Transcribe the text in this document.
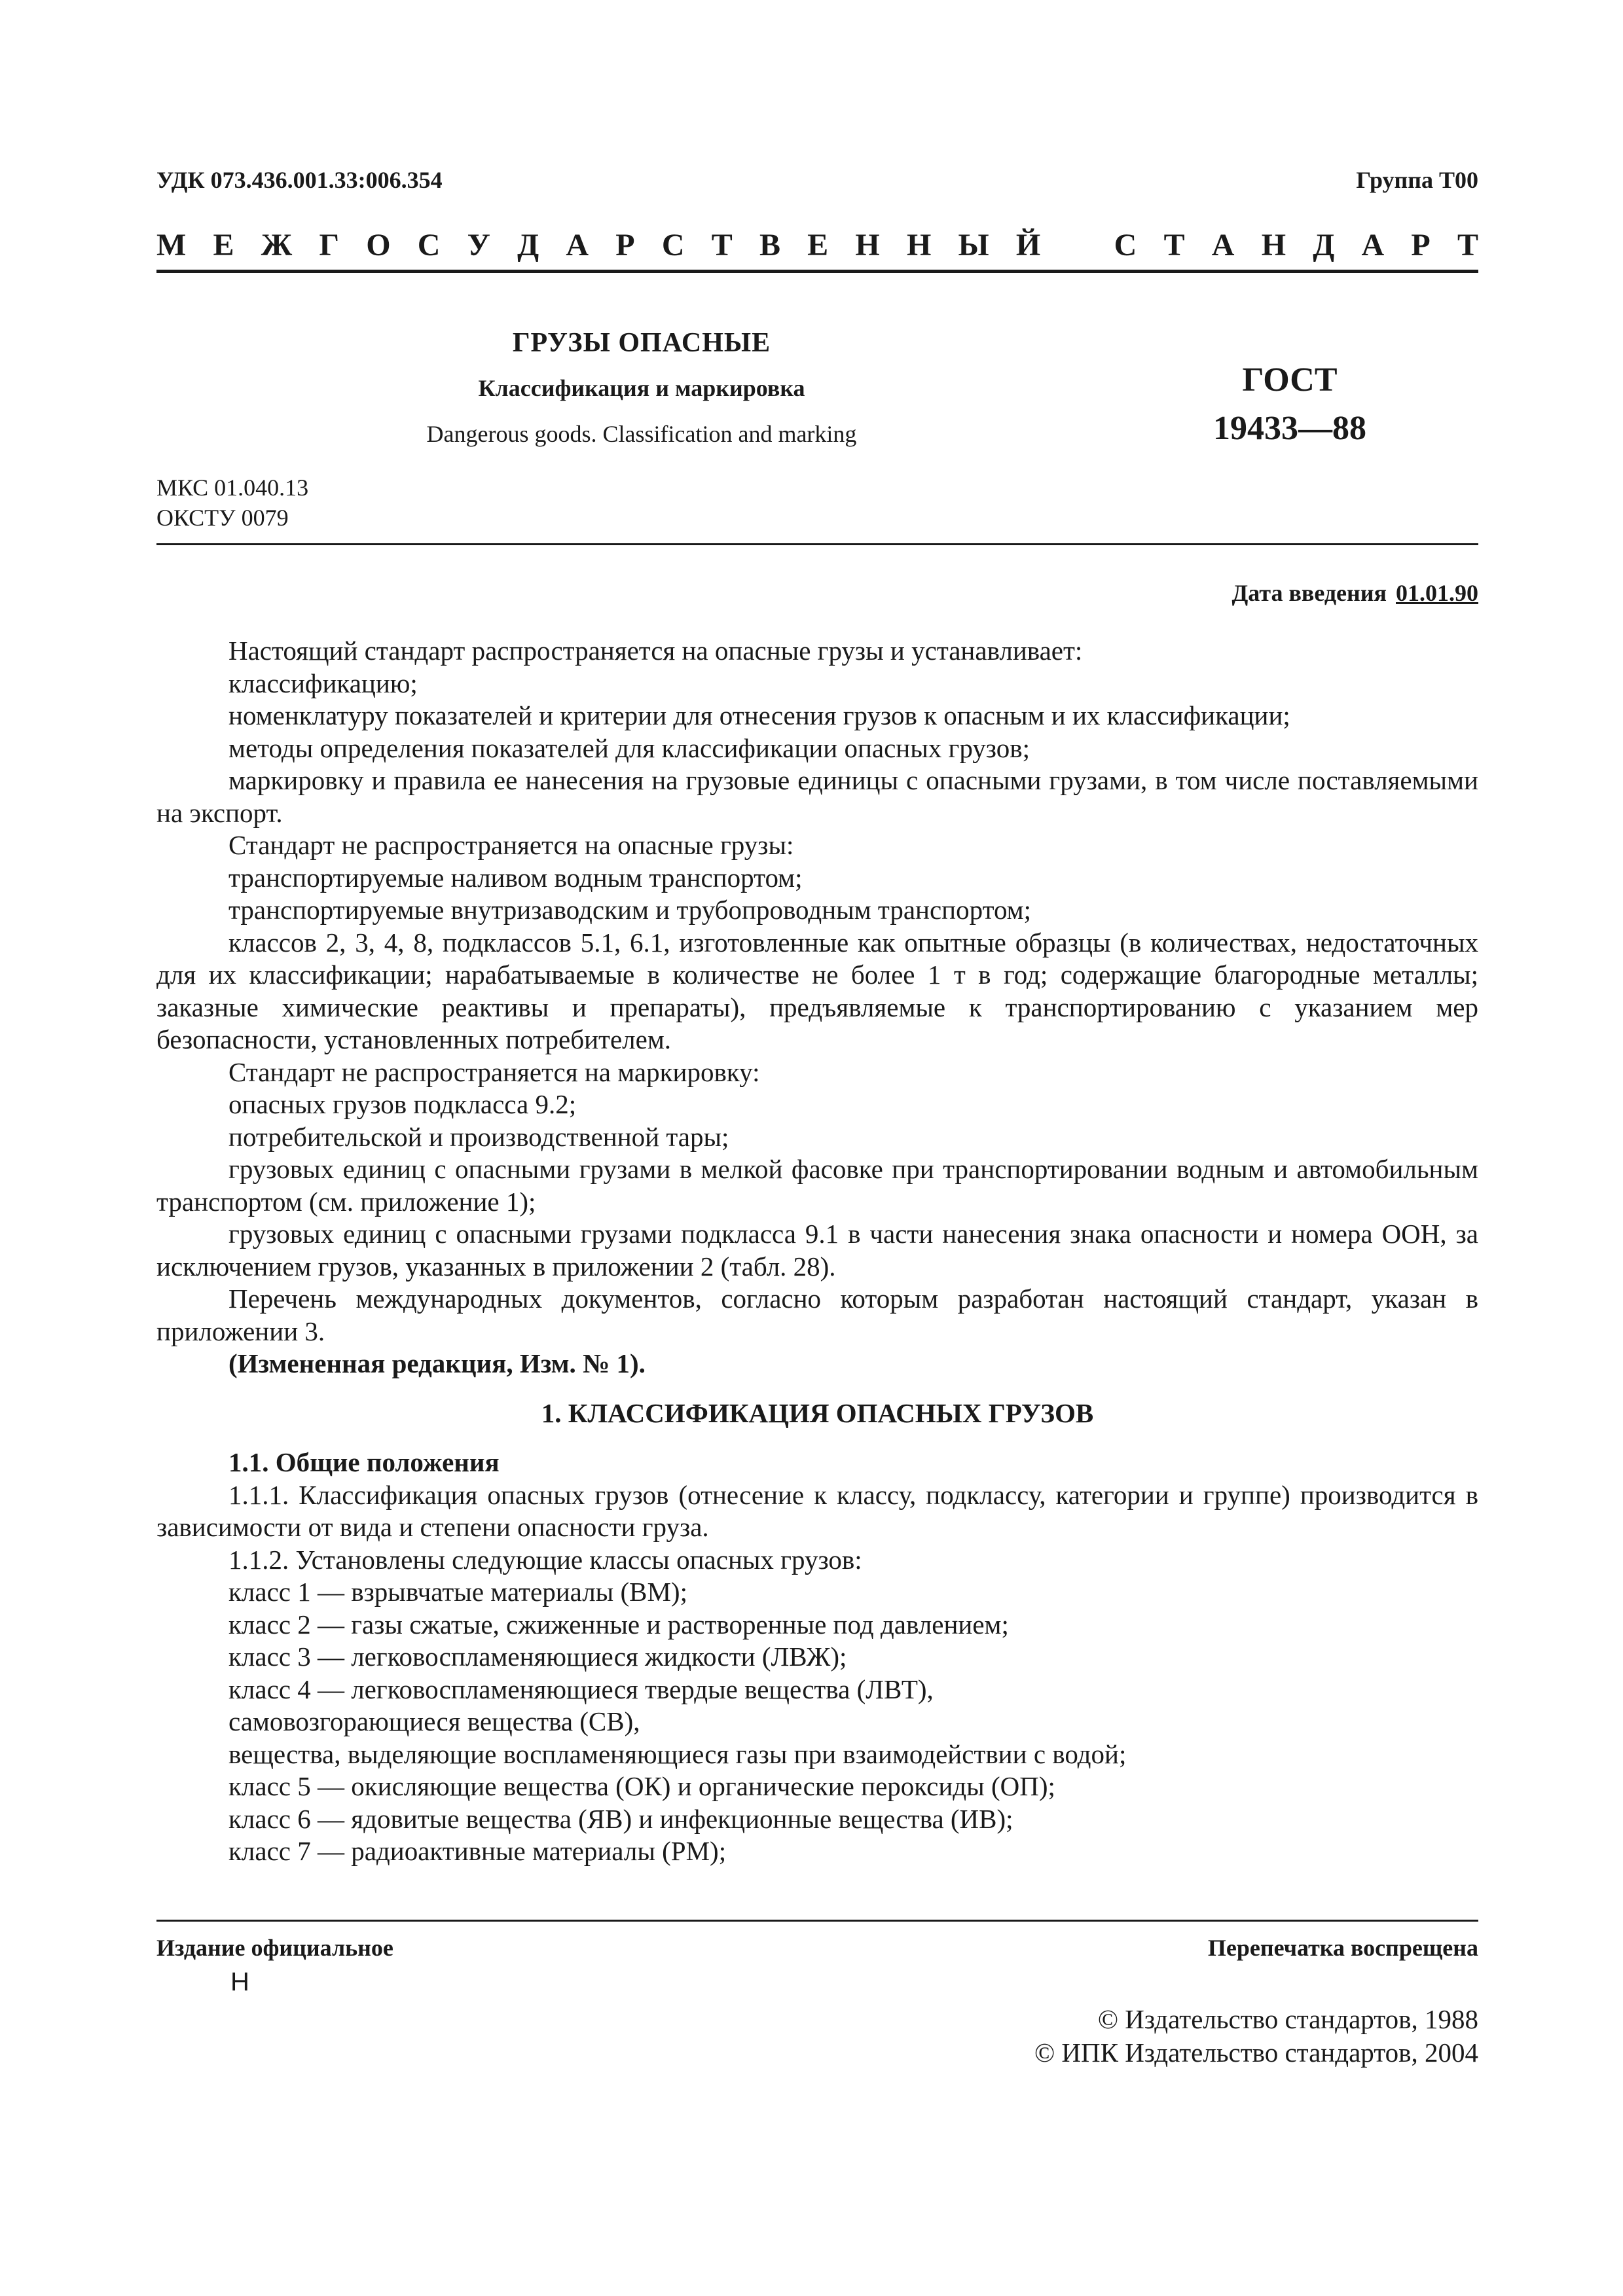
УДК 073.436.001.33:006.354	Группа Т00
М Е Ж Г О С У Д А Р С Т В Е Н Н Ы Й С Т А Н Д А Р Т
ГРУЗЫ ОПАСНЫЕ
Классификация и маркировка
Dangerous goods. Classification and marking
ГОСТ
19433—88
МКС 01.040.13
ОКСТУ 0079
Дата введения 01.01.90
Настоящий стандарт распространяется на опасные грузы и устанавливает:
классификацию;
номенклатуру показателей и критерии для отнесения грузов к опасным и их классификации;
методы определения показателей для классификации опасных грузов;
маркировку и правила ее нанесения на грузовые единицы с опасными грузами, в том числе поставляемыми на экспорт.
Стандарт не распространяется на опасные грузы:
транспортируемые наливом водным транспортом;
транспортируемые внутризаводским и трубопроводным транспортом;
классов 2, 3, 4, 8, подклассов 5.1, 6.1, изготовленные как опытные образцы (в количествах, недостаточных для их классификации; нарабатываемые в количестве не более 1 т в год; содержащие благородные металлы; заказные химические реактивы и препараты), предъявляемые к транспортированию с указанием мер безопасности, установленных потребителем.
Стандарт не распространяется на маркировку:
опасных грузов подкласса 9.2;
потребительской и производственной тары;
грузовых единиц с опасными грузами в мелкой фасовке при транспортировании водным и автомобильным транспортом (см. приложение 1);
грузовых единиц с опасными грузами подкласса 9.1 в части нанесения знака опасности и номера ООН, за исключением грузов, указанных в приложении 2 (табл. 28).
Перечень международных документов, согласно которым разработан настоящий стандарт, указан в приложении 3.
(Измененная редакция, Изм. № 1).
1. КЛАССИФИКАЦИЯ ОПАСНЫХ ГРУЗОВ
1.1. Общие положения
1.1.1. Классификация опасных грузов (отнесение к классу, подклассу, категории и группе) производится в зависимости от вида и степени опасности груза.
1.1.2. Установлены следующие классы опасных грузов:
класс 1 — взрывчатые материалы (ВМ);
класс 2 — газы сжатые, сжиженные и растворенные под давлением;
класс 3 — легковоспламеняющиеся жидкости (ЛВЖ);
класс 4 — легковоспламеняющиеся твердые вещества (ЛВТ),
самовозгорающиеся вещества (СВ),
вещества, выделяющие воспламеняющиеся газы при взаимодействии с водой;
класс 5 — окисляющие вещества (ОК) и органические пероксиды (ОП);
класс 6 — ядовитые вещества (ЯВ) и инфекционные вещества (ИВ);
класс 7 — радиоактивные материалы (РМ);
Издание официальное	Перепечатка воспрещена
H
© Издательство стандартов, 1988
© ИПК Издательство стандартов, 2004
